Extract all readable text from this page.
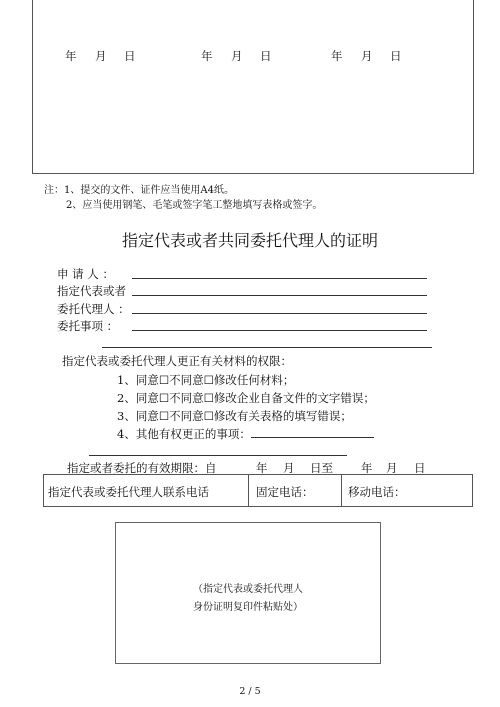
年 月 日	年 月 日	年 月 日
注：1、提交的文件、证件应当使用A4纸。
2、应当使用钢笔、毛笔或签字笔工整地填写表格或签字。
指定代表或者共同委托代理人的证明
申 请 人 ：
指定代表或者
委托代理人 ：
委托事项 ：
指定代表或委托代理人更正有关材料的权限：
1、同意☐不同意☐修改任何材料；
2、同意☐不同意☐修改企业自备文件的文字错误；
3、同意☐不同意☐修改有关表格的填写错误；
4、其他有权更正的事项：
指定或者委托的有效期限：自	年 月 日至 年 月 日
指定代表或委托代理人联系电话	固定电话：	移动电话：
（指定代表或委托代理人
身份证明复印件粘贴处）
2 / 5
